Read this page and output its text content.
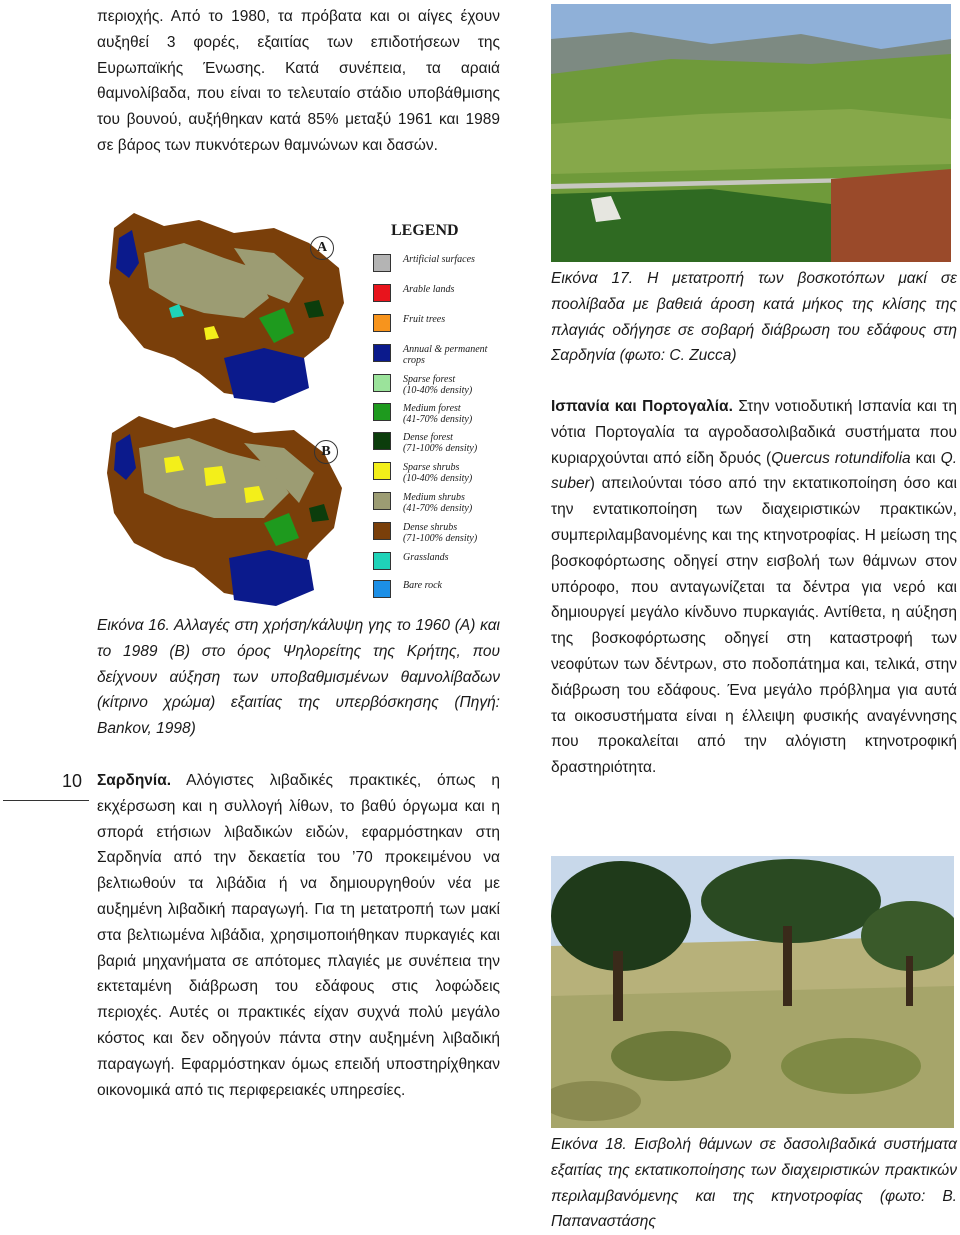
περιοχής. Από το 1980, τα πρόβατα και οι αίγες έχουν αυξηθεί 3 φορές, εξαιτίας των επιδοτήσεων της Ευρωπαϊκής Ένωσης. Κατά συνέπεια, τα αραιά θαμνολίβαδα, που είναι το τελευταίο στάδιο υποβάθμισης του βουνού, αυξήθηκαν κατά 85% μεταξύ 1961 και 1989 σε βάρος των πυκνότερων θαμνώνων και δασών.

A
B
LEGEND
Artificial surfaces
Arable lands
Fruit trees
Annual & permanent
crops
Sparse forest
(10-40% density)
Medium forest
(41-70% density)
Dense forest
(71-100% density)
Sparse shrubs
(10-40% density)
Medium shrubs
(41-70% density)
Dense shrubs
(71-100% density)
Grasslands
Bare rock

Εικόνα 16. Αλλαγές στη χρήση/κάλυψη γης το 1960 (Α) και το 1989 (Β) στο όρος Ψηλορείτης της Κρήτης, που δείχνουν αύξηση των υποβαθμισμένων θαμνολίβαδων (κίτρινο χρώμα) εξαιτίας της υπερβόσκησης (Πηγή: Bankov, 1998)

10 Σαρδηνία. Αλόγιστες λιβαδικές πρακτικές, όπως η εκχέρσωση και η συλλογή λίθων, το βαθύ όργωμα και η σπορά ετήσιων λιβαδικών ειδών, εφαρμόστηκαν στη Σαρδηνία από την δεκαετία του ’70 προκειμένου να βελτιωθούν τα λιβάδια ή να δημιουργηθούν νέα με αυξημένη λιβαδική παραγωγή. Για τη μετατροπή των μακί στα βελτιωμένα λιβάδια, χρησιμοποιήθηκαν πυρκαγιές και βαριά μηχανήματα σε απότομες πλαγιές με συνέπεια την εκτεταμένη διάβρωση του εδάφους στις λοφώδεις περιοχές. Αυτές οι πρακτικές είχαν συχνά πολύ μεγάλο κόστος και δεν οδηγούν πάντα στην αυξημένη λιβαδική παραγωγή. Εφαρμόστηκαν όμως επειδή υποστηρίχθηκαν οικονομικά από τις περιφερειακές υπηρεσίες.

Εικόνα 17. Η μετατροπή των βοσκοτόπων μακί σε ποολίβαδα με βαθειά άροση κατά μήκος της κλίσης της πλαγιάς οδήγησε σε σοβαρή διάβρωση του εδάφους στη Σαρδηνία (φωτο: C. Zucca)

Ισπανία και Πορτογαλία. Στην νοτιοδυτική Ισπανία και τη νότια Πορτογαλία τα αγροδασολιβαδικά συστήματα που κυριαρχούνται από είδη δρυός (Quercus rotundifolia και Q. suber) απειλούνται τόσο από την εκτατικοποίηση όσο και την εντατικοποίηση των διαχειριστικών πρακτικών, συμπεριλαμβανομένης και της κτηνοτροφίας. Η μείωση της βοσκοφόρτωσης οδηγεί στην εισβολή των θάμνων στον υπόροφο, που ανταγωνίζεται τα δέντρα για νερό και δημιουργεί μεγάλο κίνδυνο πυρκαγιάς. Αντίθετα, η αύξηση της βοσκοφόρτωσης οδηγεί στη καταστροφή των νεοφύτων των δέντρων, στο ποδοπάτημα και, τελικά, στην διάβρωση του εδάφους. Ένα μεγάλο πρόβλημα για αυτά τα οικοσυστήματα είναι η έλλειψη φυσικής αναγέννησης που προκαλείται από την αλόγιστη κτηνοτροφική δραστηριότητα.

Εικόνα 18. Εισβολή θάμνων σε δασολιβαδικά συστήματα εξαιτίας της εκτατικοποίησης των διαχειριστικών πρακτικών περιλαμβανόμενης και της κτηνοτροφίας (φωτο: Β. Παπαναστάσης
